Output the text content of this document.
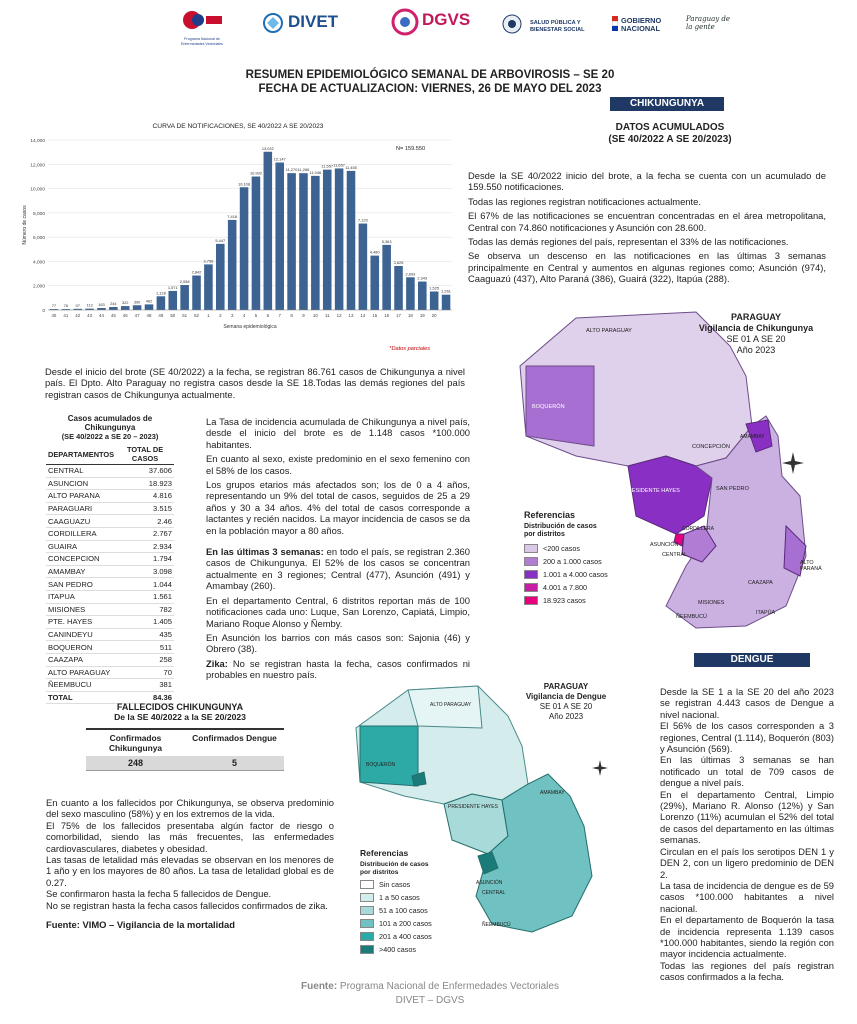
Programa Nacional de Enfermedades Vectoriales
DIVET	DGVS	SALUD PÚBLICA Y BIENESTAR SOCIAL
GOBIERNO NACIONAL
Paraguay de la gente
RESUMEN EPIDEMIOLÓGICO SEMANAL DE ARBOVIROSIS – SE 20
FECHA DE ACTUALIZACION: VIERNES, 26 DE MAYO DEL 2023
CHIKUNGUNYA
DATOS ACUMULADOS
(SE 40/2022 A SE 20/2023)

Desde la SE 40/2022 inicio del brote, a la fecha se cuenta con un acumulado de 159.550 notificaciones.

Todas las regiones registran notificaciones actualmente.

El 67% de las notificaciones se encuentran concentradas en el área metropolitana, Central con 74.860 notificaciones y Asunción con 28.600.

Todas las demás regiones del país, representan el 33% de las notificaciones.

Se observa un descenso en las notificaciones en las últimas 3 semanas principalmente en Central y aumentos en algunas regiones como; Asunción (974), Caaguazú (437), Alto Paraná (386), Guairá (322), Itapúa (288).

CURVA DE NOTIFICACIONES, SE 40/2022 A SE 20/2023
N= 159.550
0
2,000
4,000
6,000
8,000
10,000
12,000
14,000
77
40
76
41
97
42
113
43
163
44
244
45
322
46
390
47
462
48
1,128
49
1,571
50
2,058
51
2,842
52
3,756
1
5,447
2
7,418
3
10,108
4
10,992
5
13,032
6
12,147
7
11,270
8
11,266
9
11,046
10
11,557
11
11,657
12
11,455
13
7,120
14
4,480
15
5,363
16
3,626
17
2,693
18
2,343
19
1,525
20
1,261
Semana epidemiológica
Número de casos
*Datos parciales

Desde el inicio del brote (SE 40/2022) a la fecha, se registran 86.761 casos de Chikungunya a nivel país. El Dpto. Alto Paraguay no registra casos desde la SE 18.Todas las demás regiones del país registran casos de Chikungunya actualmente.

Casos acumulados de Chikungunya
(SE 40/2022 a SE 20 – 2023)
DEPARTAMENTOS	TOTAL DE CASOS
CENTRAL	37.606
ASUNCION	18.923
ALTO PARANA	4.816
PARAGUARI	3.515
CAAGUAZU	2.46
CORDILLERA	2.767
GUAIRA	2.934
CONCEPCION	1.794
AMAMBAY	3.098
SAN PEDRO	1.044
ITAPUA	1.561
MISIONES	782
PTE. HAYES	1.405
CANINDEYU	435
BOQUERON	511
CAAZAPA	258
ALTO PARAGUAY	70
ÑEEMBUCU	381
TOTAL	84.36

La Tasa de incidencia acumulada de Chikungunya a nivel país, desde el inicio del brote es de 1.148 casos *100.000 habitantes.

En cuanto al sexo, existe predominio en el sexo femenino con el 58% de los casos.

Los grupos etarios más afectados son; los de 0 a 4 años, representando un 9% del total de casos, seguidos de 25 a 29 años y 30 a 34 años. 4% del total de casos corresponde a lactantes y recién nacidos. La mayor incidencia de casos se da en la población mayor a 80 años.

En las últimas 3 semanas: en todo el país, se registran 2.360 casos de Chikungunya. El 52% de los casos se concentran actualmente en 3 regiones; Central (477), Asunción (491) y Amambay (260).

En el departamento Central, 6 distritos reportan más de 100 notificaciones cada uno: Luque, San Lorenzo, Capiatá, Limpio, Mariano Roque Alonso y Ñemby.

En Asunción los barrios con más casos son: Sajonia (46) y Obrero (38).

Zika: No se registran hasta la fecha, casos confirmados ni probables en nuestro país.

FALLECIDOS CHIKUNGUNYA
De la SE 40/2022 a la SE 20/2023
Confirmados Chikungunya
Confirmados Dengue
248	5

En cuanto a los fallecidos por Chikungunya, se observa predominio del sexo masculino (58%) y en los extremos de la vida.

El 75% de los fallecidos presentaba algún factor de riesgo o comorbilidad, siendo las más frecuentes, las enfermedades cardiovasculares, diabetes y obesidad.

Las tasas de letalidad más elevadas se observan en los menores de 1 año y en los mayores de 80 años. La tasa de letalidad global es de 0.27.

Se confirmaron hasta la fecha 5 fallecidos de Dengue.

No se registran hasta la fecha casos fallecidos confirmados de zika.

Fuente: VIMO – Vigilancia de la mortalidad

PARAGUAY
Vigilancia de Chikungunya
SE 01 A SE 20
Año 2023
ALTO PARAGUAY
BOQUERÓN
PRESIDENTE HAYES
CONCEPCIÓN
AMAMBAY
SAN PEDRO
CORDILLERA
ASUNCIÓN
CENTRAL
ALTO PARANÁ
CAAZAPA
MISIONES
ÑEEMBUCÚ
ITAPÚA
Referencias
Distribución de casos por distritos
<200 casos
200 a 1.000 casos
1.001 a 4.000 casos
4.001 a 7.800
18.923 casos
DENGUE
PARAGUAY
Vigilancia de Dengue
SE 01 A SE 20
Año 2023
ALTO PARAGUAY
BOQUERÓN
PRESIDENTE HAYES
AMAMBAY
ASUNCIÓN
CENTRAL
ÑEEMBUCÚ
Referencias
Distribución de casos por distritos
Sin casos
1 a 50 casos
51 a 100 casos
101 a 200 casos
201 a 400 casos
>400 casos

Desde la SE 1 a la SE 20 del año 2023 se registran 4.443 casos de Dengue a nivel nacional.

El 56% de los casos corresponden a 3 regiones, Central (1.114), Boquerón (803) y Asunción (569).

En las últimas 3 semanas se han notificado un total de 709 casos de dengue a nivel país.

En el departamento Central, Limpio (29%), Mariano R. Alonso (12%) y San Lorenzo (11%) acumulan el 52% del total de casos del departamento en las últimas semanas.

Circulan en el país los serotipos DEN 1 y DEN 2, con un ligero predominio de DEN 2.

La tasa de incidencia de dengue es de 59 casos *100.000 habitantes a nivel nacional.

En el departamento de Boquerón la tasa de incidencia representa 1.139 casos *100.000 habitantes, siendo la región con mayor incidencia actualmente.

Todas las regiones del país registran casos confirmados a la fecha.

Fuente: Programa Nacional de Enfermedades Vectoriales
DIVET – DGVS
